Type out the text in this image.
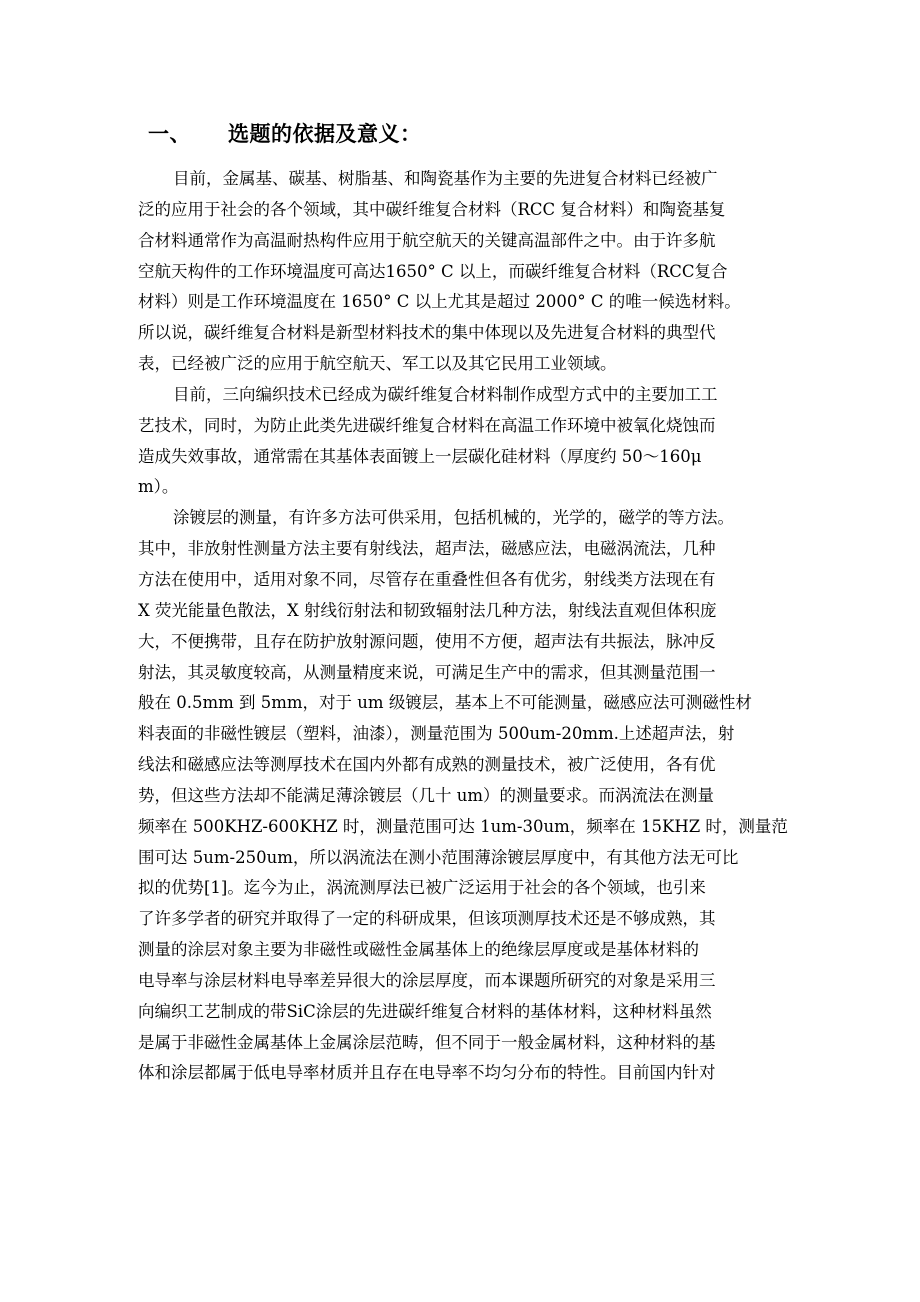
一、 选题的依据及意义：
目前，金属基、碳基、树脂基、和陶瓷基作为主要的先进复合材料已经被广
泛的应用于社会的各个领域，其中碳纤维复合材料（RCC 复合材料）和陶瓷基复
合材料通常作为高温耐热构件应用于航空航天的关键高温部件之中。由于许多航
空航天构件的工作环境温度可高达1650° C 以上，而碳纤维复合材料（RCC复合
材料）则是工作环境温度在 1650° C 以上尤其是超过 2000° C 的唯一候选材料。
所以说，碳纤维复合材料是新型材料技术的集中体现以及先进复合材料的典型代
表，已经被广泛的应用于航空航天、军工以及其它民用工业领域。
目前，三向编织技术已经成为碳纤维复合材料制作成型方式中的主要加工工
艺技术，同时，为防止此类先进碳纤维复合材料在高温工作环境中被氧化烧蚀而
造成失效事故，通常需在其基体表面镀上一层碳化硅材料（厚度约 50～160μ
m）。
涂镀层的测量，有许多方法可供采用，包括机械的，光学的，磁学的等方法。
其中，非放射性测量方法主要有射线法，超声法，磁感应法，电磁涡流法，几种
方法在使用中，适用对象不同，尽管存在重叠性但各有优劣，射线类方法现在有
X 荧光能量色散法，X 射线衍射法和韧致辐射法几种方法，射线法直观但体积庞
大，不便携带，且存在防护放射源问题，使用不方便，超声法有共振法，脉冲反
射法，其灵敏度较高，从测量精度来说，可满足生产中的需求，但其测量范围一
般在 0.5mm 到 5mm，对于 um 级镀层，基本上不可能测量，磁感应法可测磁性材
料表面的非磁性镀层（塑料，油漆），测量范围为 500um-20mm.上述超声法，射
线法和磁感应法等测厚技术在国内外都有成熟的测量技术，被广泛使用，各有优
势，但这些方法却不能满足薄涂镀层（几十 um）的测量要求。而涡流法在测量
频率在 500KHZ-600KHZ 时，测量范围可达 1um-30um，频率在 15KHZ 时，测量范
围可达 5um-250um，所以涡流法在测小范围薄涂镀层厚度中，有其他方法无可比
拟的优势[1]。迄今为止，涡流测厚法已被广泛运用于社会的各个领域，也引来
了许多学者的研究并取得了一定的科研成果，但该项测厚技术还是不够成熟，其
测量的涂层对象主要为非磁性或磁性金属基体上的绝缘层厚度或是基体材料的
电导率与涂层材料电导率差异很大的涂层厚度，而本课题所研究的对象是采用三
向编织工艺制成的带SiC涂层的先进碳纤维复合材料的基体材料，这种材料虽然
是属于非磁性金属基体上金属涂层范畴，但不同于一般金属材料，这种材料的基
体和涂层都属于低电导率材质并且存在电导率不均匀分布的特性。目前国内针对
